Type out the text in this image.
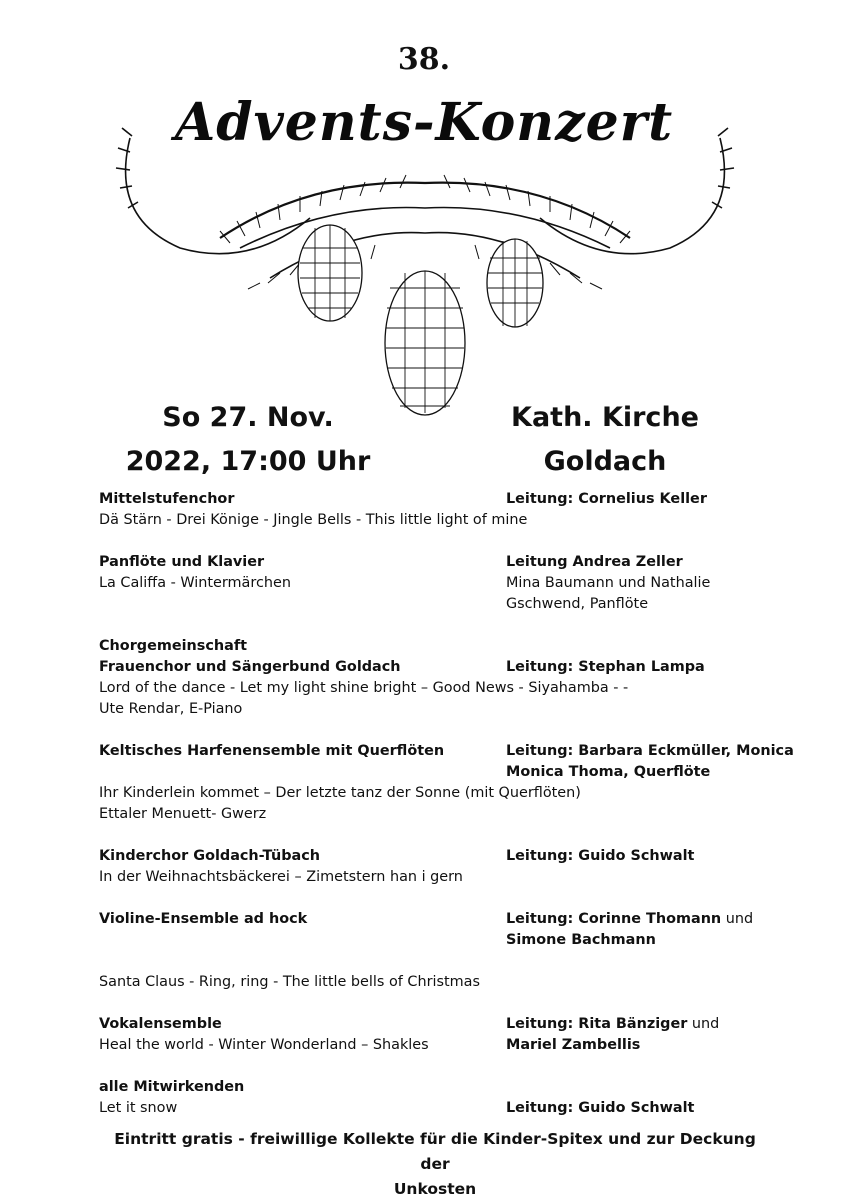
38.
Advents-Konzert
So 27. Nov.
2022, 17:00 Uhr
Kath. Kirche
Goldach
Mittelstufenchor	Leitung: Cornelius Keller
Dä Stärn - Drei Könige - Jingle Bells - This little light of mine
Panflöte und Klavier	Leitung Andrea Zeller
La Califfa - Wintermärchen	Mina Baumann und Nathalie
Gschwend, Panflöte
Chorgemeinschaft
Frauenchor und Sängerbund Goldach	Leitung: Stephan Lampa
Lord of the dance - Let my light shine bright – Good News - Siyahamba - -
Ute Rendar, E-Piano
Keltisches Harfenensemble mit Querflöten	Leitung: Barbara Eckmüller, Monica
Monica Thoma, Querflöte
Ihr Kinderlein kommet – Der letzte tanz der Sonne (mit Querflöten)
Ettaler Menuett- Gwerz
Kinderchor Goldach-Tübach	Leitung: Guido Schwalt
In der Weihnachtsbäckerei – Zimetstern han i gern
Violine-Ensemble ad hock	Leitung: Corinne Thomann und
Simone Bachmann
Santa Claus - Ring, ring - The little bells of Christmas
Vokalensemble	Leitung: Rita Bänziger und
Heal the world - Winter Wonderland – Shakles	Mariel Zambellis
alle Mitwirkenden
Let it snow	Leitung: Guido Schwalt
Eintritt gratis - freiwillige Kollekte für die Kinder-Spitex und zur Deckung der
Unkosten
